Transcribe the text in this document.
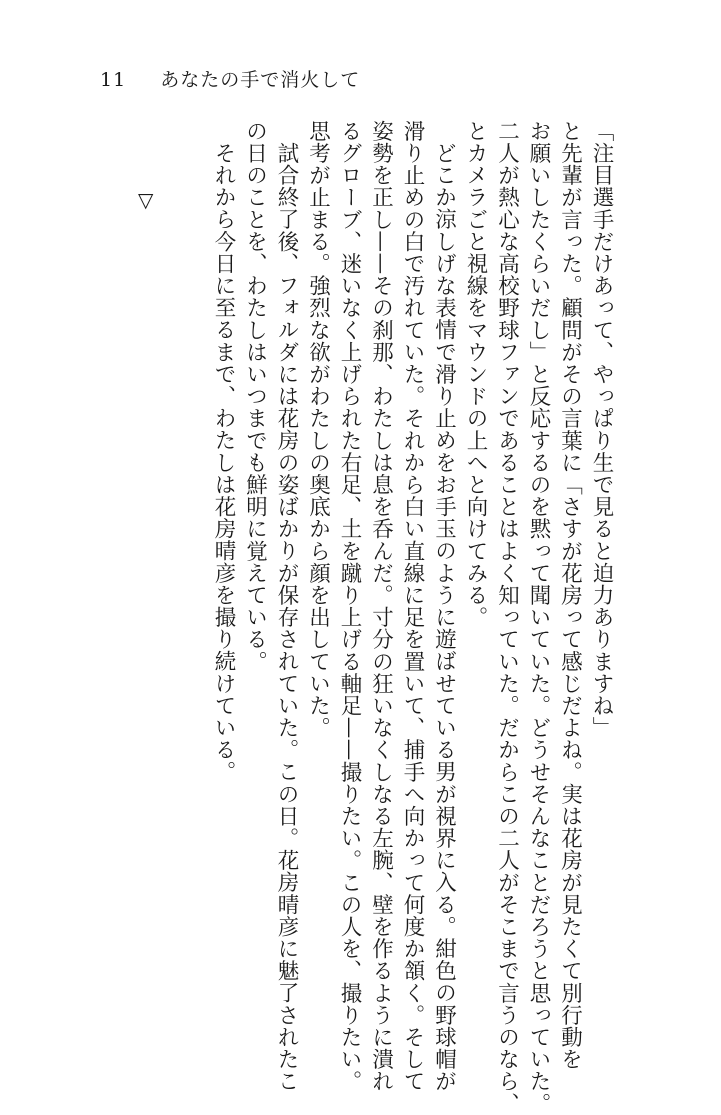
11 あなたの手で消火して

「注目選手だけあって、やっぱり生で見ると迫力ありますね」

と先輩が言った。顧問がその言葉に「さすが花房って感じだよね。実は花房が見たくて別行動を

お願いしたくらいだし」と反応するのを黙って聞いていた。どうせそんなことだろうと思っていた。

二人が熱心な高校野球ファンであることはよく知っていた。だからこの二人がそこまで言うのなら、

とカメラごと視線をマウンドの上へと向けてみる。

どこか涼しげな表情で滑り止めをお手玉のように遊ばせている男が視界に入る。紺色の野球帽が

滑り止めの白で汚れていた。それから白い直線に足を置いて、捕手へ向かって何度か頷く。そして

姿勢を正し——その刹那、わたしは息を呑んだ。寸分の狂いなくしなる左腕、壁を作るように潰れ

るグローブ、迷いなく上げられた右足、土を蹴り上げる軸足——撮りたい。この人を、撮りたい。

思考が止まる。強烈な欲がわたしの奥底から顔を出していた。

試合終了後、フォルダには花房の姿ばかりが保存されていた。この日。花房晴彦に魅了されたこ

の日のことを、わたしはいつまでも鮮明に覚えている。

それから今日に至るまで、わたしは花房晴彦を撮り続けている。

▽
